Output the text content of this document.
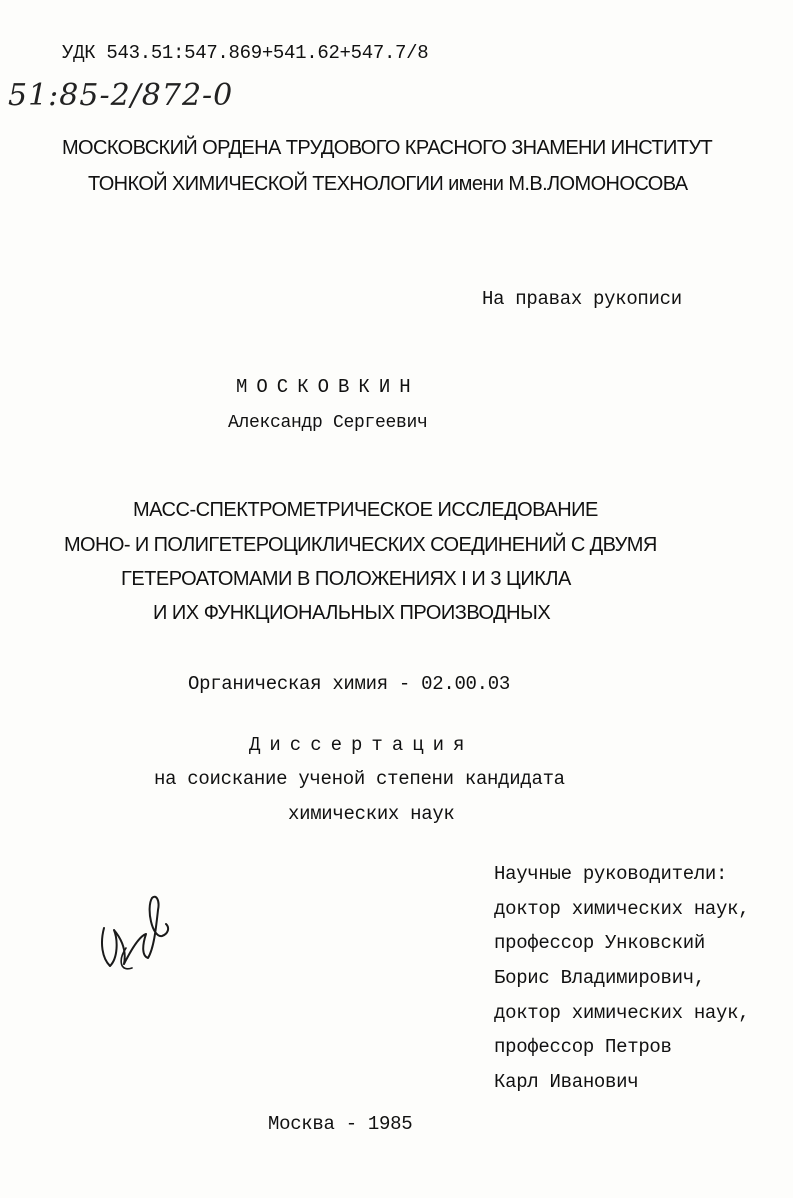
УДК 543.51:547.869+541.62+547.7/8
51:85-2/872-0
МОСКОВСКИЙ ОРДЕНА ТРУДОВОГО КРАСНОГО ЗНАМЕНИ ИНСТИТУТ
ТОНКОЙ ХИМИЧЕСКОЙ ТЕХНОЛОГИИ имени М.В.ЛОМОНОСОВА
На правах рукописи
МОСКОВКИН
Александр Сергеевич
МАСС-СПЕКТРОМЕТРИЧЕСКОЕ ИССЛЕДОВАНИЕ
МОНО- И ПОЛИГЕТЕРОЦИКЛИЧЕСКИХ СОЕДИНЕНИЙ С ДВУМЯ
ГЕТЕРОАТОМАМИ В ПОЛОЖЕНИЯХ I И 3 ЦИКЛА
И ИХ ФУНКЦИОНАЛЬНЫХ ПРОИЗВОДНЫХ
Органическая химия - 02.00.03
Диссертация
на соискание ученой степени кандидата
химических наук
Научные руководители:
доктор химических наук,
профессор Унковский
Борис Владимирович,
доктор химических наук,
профессор Петров
Карл Иванович
Москва - 1985
